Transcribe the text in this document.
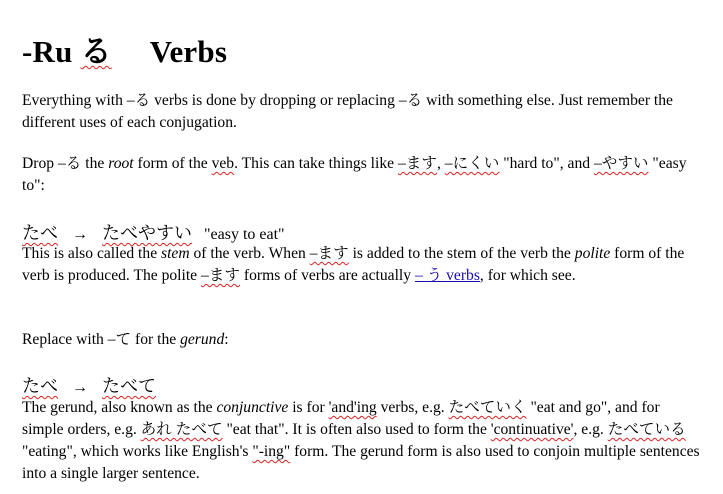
-Ru る Verbs

Everything with –る verbs is done by dropping or replacing –る with something else. Just remember the different uses of each conjugation.

Drop –る the root form of the veb. This can take things like –ます, –にくい "hard to", and –やすい "easy to":

たべ → たべやすい "easy to eat"

This is also called the stem of the verb. When –ます is added to the stem of the verb the polite form of the verb is produced. The polite –ます forms of verbs are actually – う verbs, for which see.

Replace with –て for the gerund:

たべ → たべて

The gerund, also known as the conjunctive is for 'and'ing verbs, e.g. たべていく "eat and go", and for simple orders, e.g. あれ たべて "eat that". It is often also used to form the 'continuative', e.g. たべている "eating", which works like English's "-ing" form. The gerund form is also used to conjoin multiple sentences into a single larger sentence.
